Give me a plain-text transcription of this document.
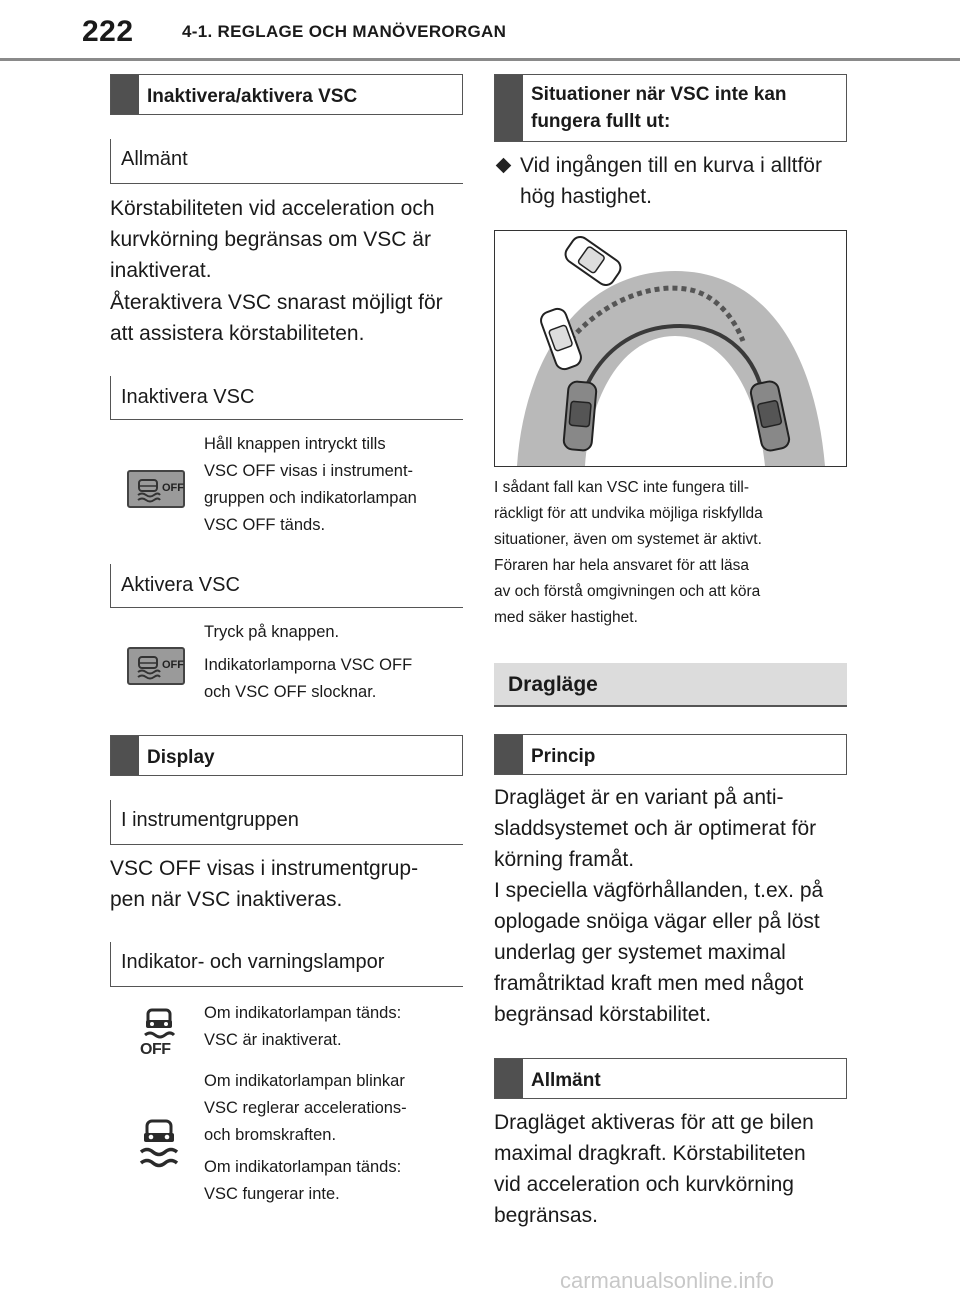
222	4-1. REGLAGE OCH MANÖVERORGAN
Inaktivera/aktivera VSC
Allmänt
Körstabiliteten vid acceleration och
kurvkörning begränsas om VSC är
inaktiverat.
Återaktivera VSC snarast möjligt för
att assistera körstabiliteten.
Inaktivera VSC
OFF
Håll knappen intryckt tills
VSC OFF visas i instrument-
gruppen och indikatorlampan
VSC OFF tänds.
Aktivera VSC
OFF
Tryck på knappen.
Indikatorlamporna VSC OFF
och VSC OFF slocknar.
Display
I instrumentgruppen
VSC OFF visas i instrumentgrup-
pen när VSC inaktiveras.
Indikator- och varningslampor
OFF
Om indikatorlampan tänds:
VSC är inaktiverat.
Om indikatorlampan blinkar
VSC reglerar accelerations-
och bromskraften.
Om indikatorlampan tänds:
VSC fungerar inte.
Situationer när VSC inte kan
fungera fullt ut:
Vid ingången till en kurva i alltför
hög hastighet.
I sådant fall kan VSC inte fungera till-
räckligt för att undvika möjliga riskfyllda
situationer, även om systemet är aktivt.
Föraren har hela ansvaret för att läsa
av och förstå omgivningen och att köra
med säker hastighet.
Dragläge
Princip
Dragläget är en variant på anti-
sladdsystemet och är optimerat för
körning framåt.
I speciella vägförhållanden, t.ex. på
oplogade snöiga vägar eller på löst
underlag ger systemet maximal
framåtriktad kraft men med något
begränsad körstabilitet.
Allmänt
Dragläget aktiveras för att ge bilen
maximal dragkraft. Körstabiliteten
vid acceleration och kurvkörning
begränsas.
carmanualsonline.info
